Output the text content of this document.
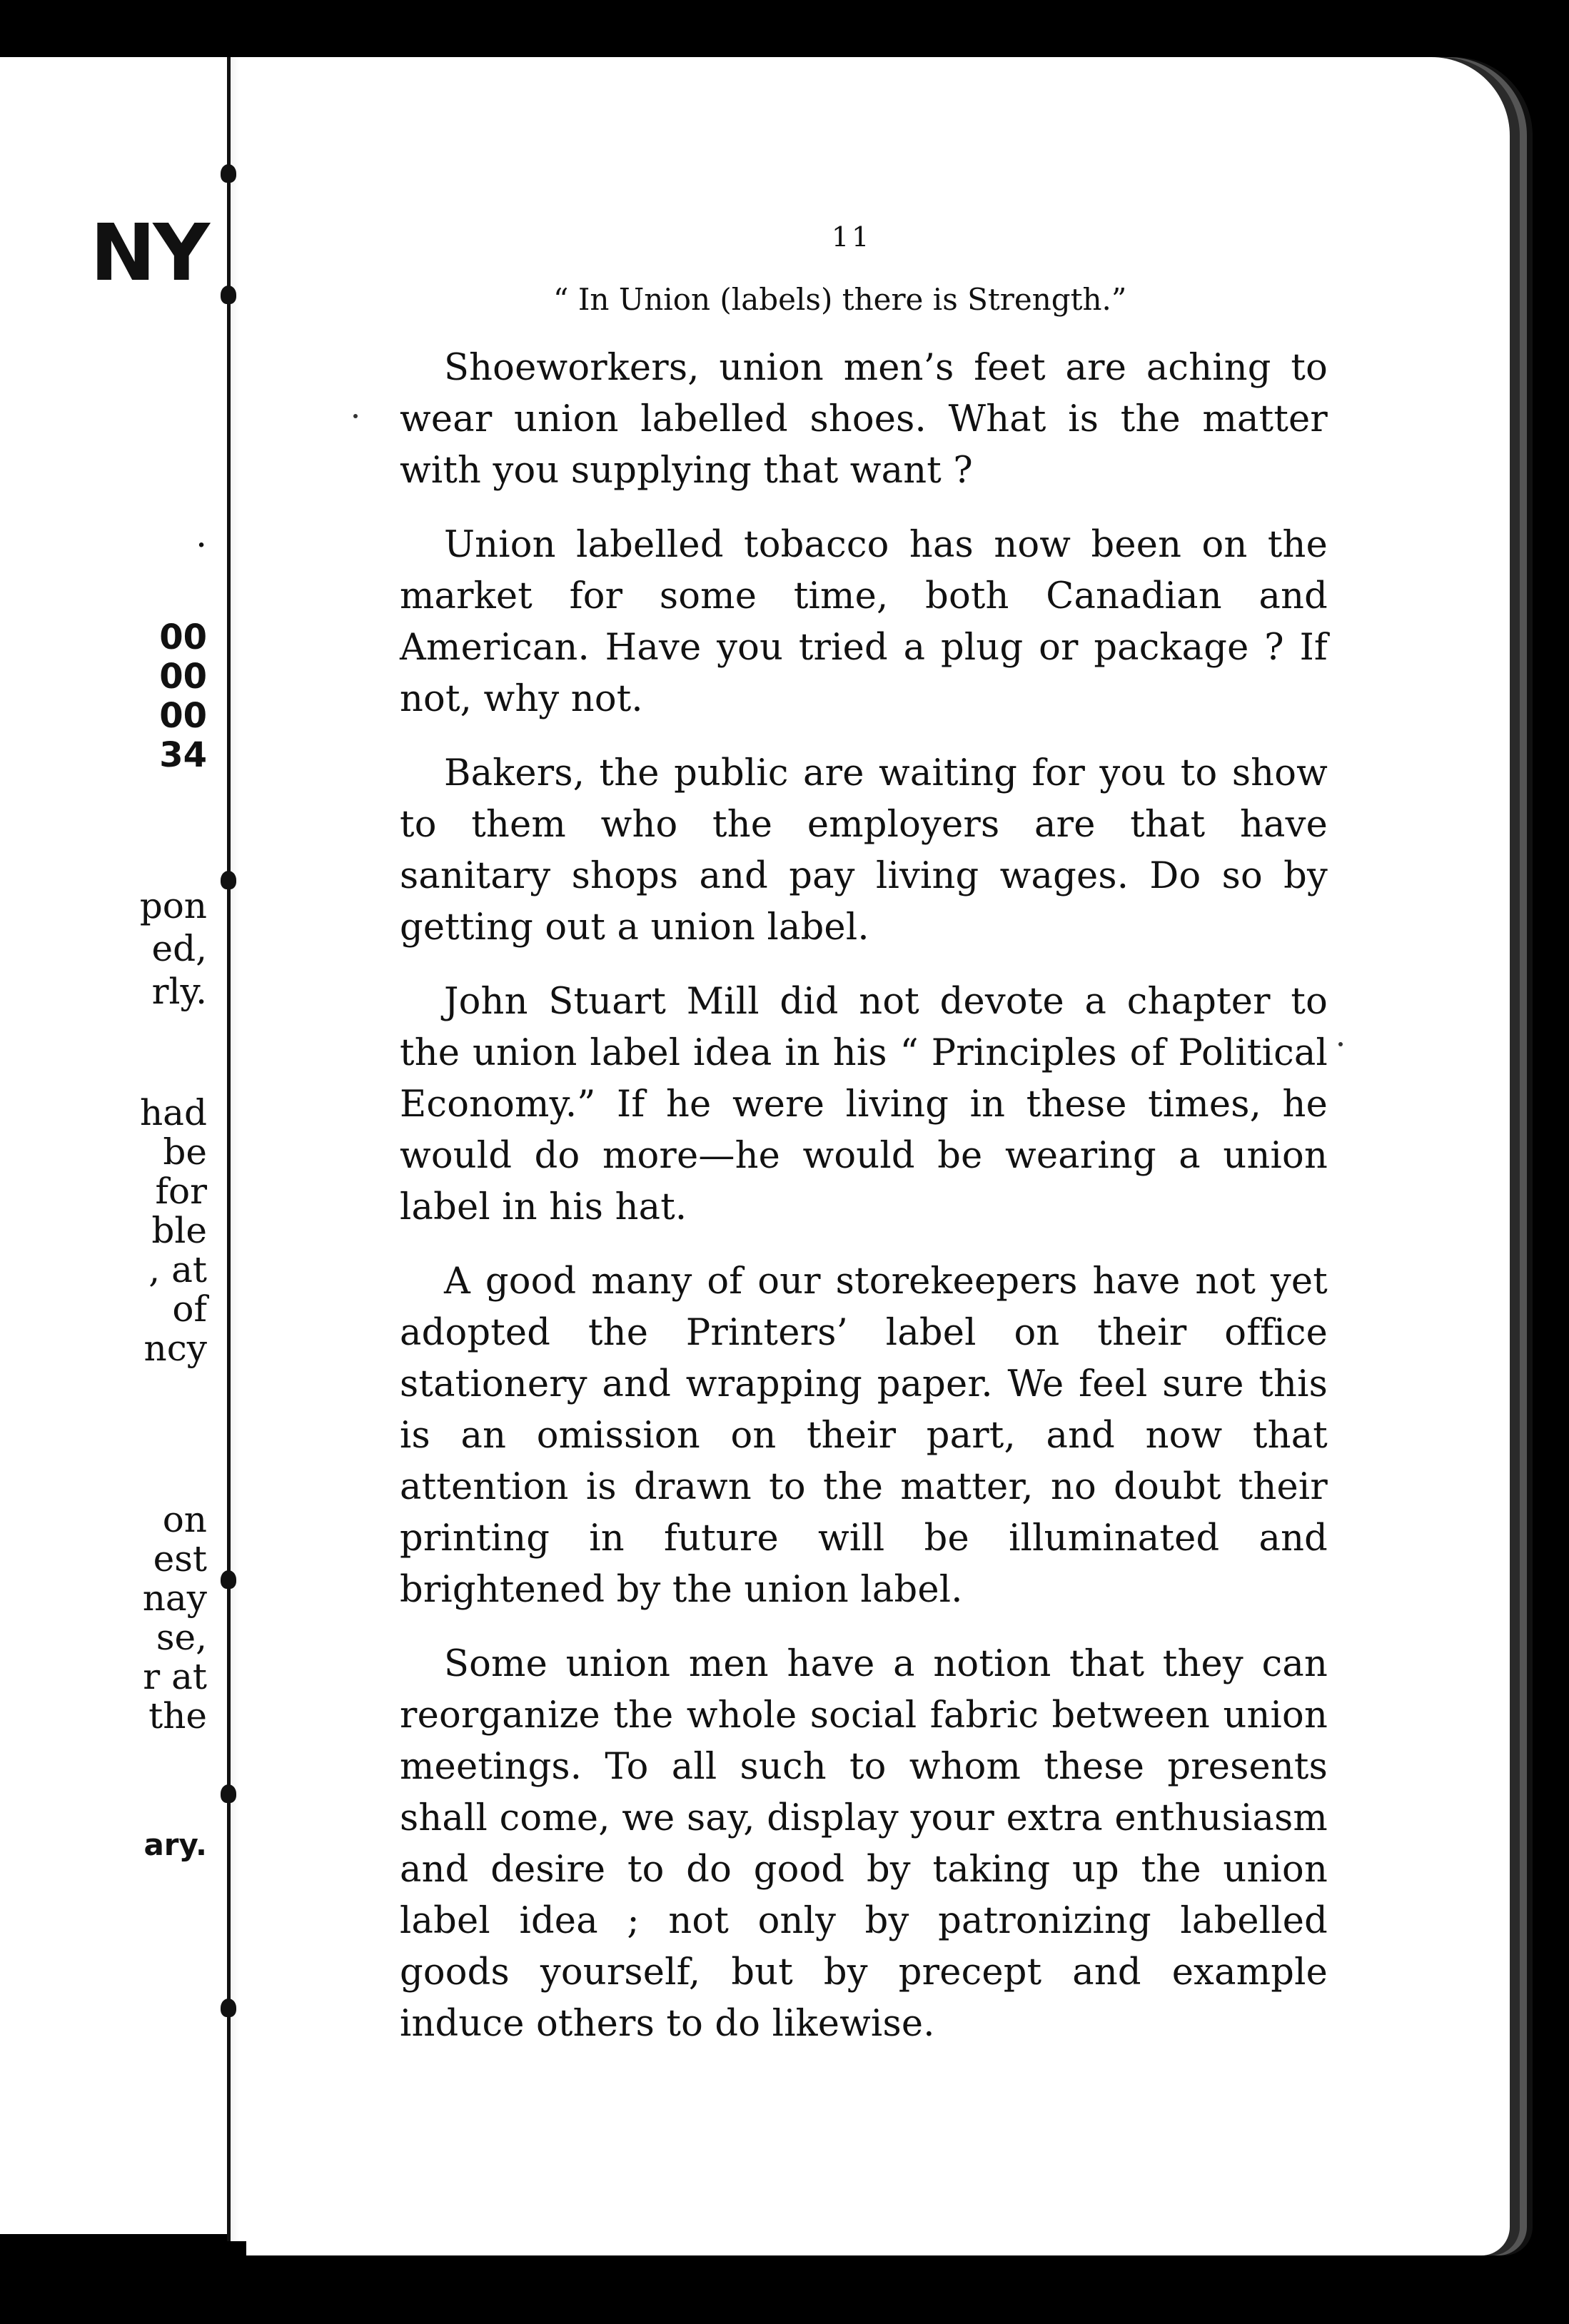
NY
.
00
00
00
34
pon
ed,
rly.
had
be
for
ble
, at
of
ncy
on
est
nay
se,
r at
the
ary.
11
“ In Union (labels) there is Strength.”

Shoeworkers, union men’s feet are aching to wear union labelled shoes. What is the matter with you supplying that want ?

Union labelled tobacco has now been on the market for some time, both Canadian and American. Have you tried a plug or package ? If not, why not.

Bakers, the public are waiting for you to show to them who the employers are that have sanitary shops and pay living wages. Do so by getting out a union label.

John Stuart Mill did not devote a chapter to the union label idea in his “ Principles of Political Economy.” If he were living in these times, he would do more—he would be wearing a union label in his hat.

A good many of our storekeepers have not yet adopted the Printers’ label on their office stationery and wrapping paper. We feel sure this is an omission on their part, and now that attention is drawn to the matter, no doubt their printing in future will be illuminated and brightened by the union label.

Some union men have a notion that they can reorganize the whole social fabric between union meetings. To all such to whom these presents shall come, we say, display your extra enthusiasm and desire to do good by taking up the union label idea ; not only by patronizing labelled goods yourself, but by precept and example induce others to do likewise.
